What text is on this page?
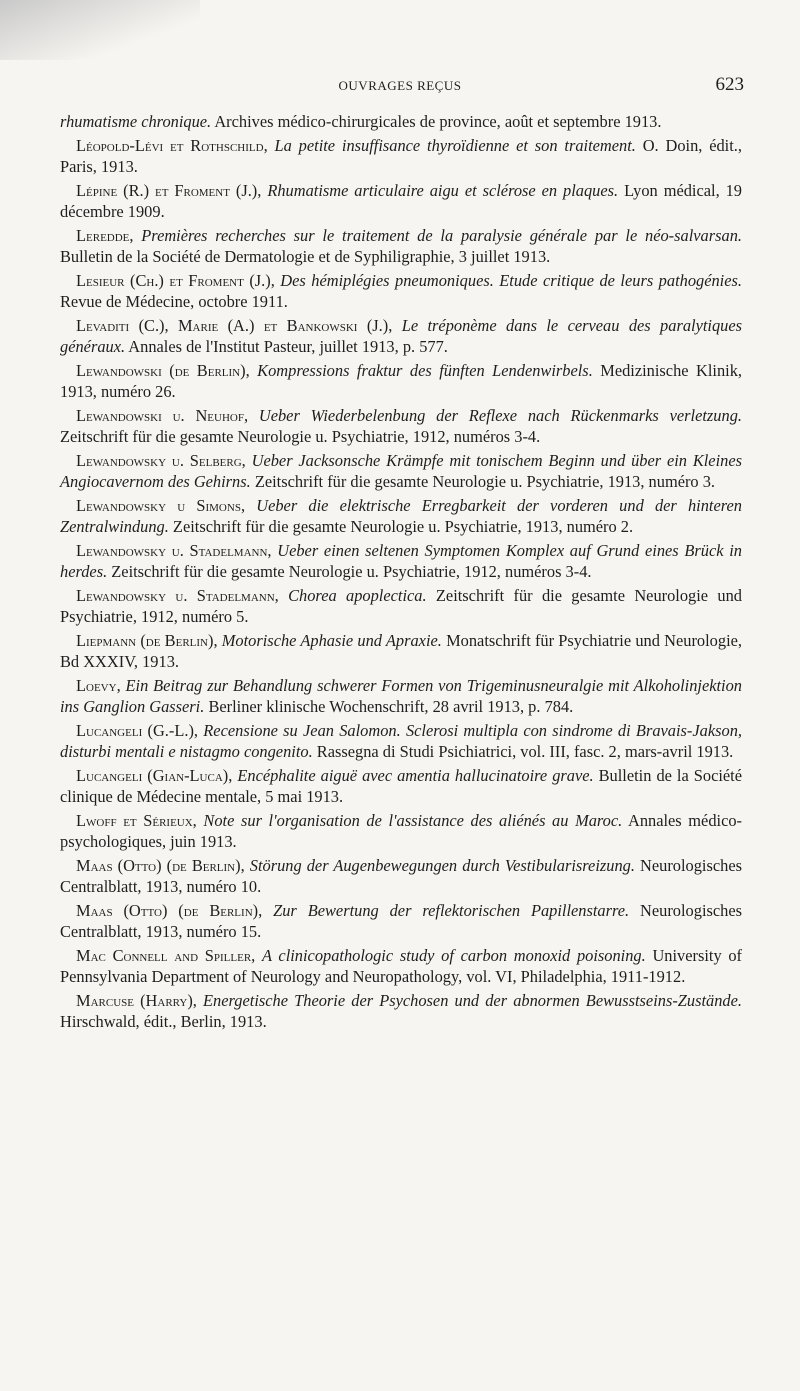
OUVRAGES REÇUS	623

rhumatisme chronique. Archives médico-chirurgicales de province, août et septembre 1913.

Léopold-Lévi et Rothschild, La petite insuffisance thyroïdienne et son traitement. O. Doin, édit., Paris, 1913.

Lépine (R.) et Froment (J.), Rhumatisme articulaire aigu et sclérose en plaques. Lyon médical, 19 décembre 1909.

Leredde, Premières recherches sur le traitement de la paralysie générale par le néo-salvarsan. Bulletin de la Société de Dermatologie et de Syphiligraphie, 3 juillet 1913.

Lesieur (Ch.) et Froment (J.), Des hémiplégies pneumoniques. Etude critique de leurs pathogénies. Revue de Médecine, octobre 1911.

Levaditi (C.), Marie (A.) et Bankowski (J.), Le tréponème dans le cerveau des paralytiques généraux. Annales de l'Institut Pasteur, juillet 1913, p. 577.

Lewandowski (de Berlin), Kompressions fraktur des fünften Lendenwirbels. Medizinische Klinik, 1913, numéro 26.

Lewandowski u. Neuhof, Ueber Wiederbelenbung der Reflexe nach Rückenmarks verletzung. Zeitschrift für die gesamte Neurologie u. Psychiatrie, 1912, numéros 3-4.

Lewandowsky u. Selberg, Ueber Jacksonsche Krämpfe mit tonischem Beginn und über ein Kleines Angiocavernom des Gehirns. Zeitschrift für die gesamte Neurologie u. Psychiatrie, 1913, numéro 3.

Lewandowsky u Simons, Ueber die elektrische Erregbarkeit der vorderen und der hinteren Zentralwindung. Zeitschrift für die gesamte Neurologie u. Psychiatrie, 1913, numéro 2.

Lewandowsky u. Stadelmann, Ueber einen seltenen Symptomen Komplex auf Grund eines Brück in herdes. Zeitschrift für die gesamte Neurologie u. Psychiatrie, 1912, numéros 3-4.

Lewandowsky u. Stadelmann, Chorea apoplectica. Zeitschrift für die gesamte Neurologie und Psychiatrie, 1912, numéro 5.

Liepmann (de Berlin), Motorische Aphasie und Apraxie. Monatschrift für Psychiatrie und Neurologie, Bd XXXIV, 1913.

Loevy, Ein Beitrag zur Behandlung schwerer Formen von Trigeminusneuralgie mit Alkoholinjektion ins Ganglion Gasseri. Berliner klinische Wochenschrift, 28 avril 1913, p. 784.

Lucangeli (G.-L.), Recensione su Jean Salomon. Sclerosi multipla con sindrome di Bravais-Jakson, disturbi mentali e nistagmo congenito. Rassegna di Studi Psichiatrici, vol. III, fasc. 2, mars-avril 1913.

Lucangeli (Gian-Luca), Encéphalite aiguë avec amentia hallucinatoire grave. Bulletin de la Société clinique de Médecine mentale, 5 mai 1913.

Lwoff et Sérieux, Note sur l'organisation de l'assistance des aliénés au Maroc. Annales médico-psychologiques, juin 1913.

Maas (Otto) (de Berlin), Störung der Augenbewegungen durch Vestibularisreizung. Neurologisches Centralblatt, 1913, numéro 10.

Maas (Otto) (de Berlin), Zur Bewertung der reflektorischen Papillenstarre. Neurologisches Centralblatt, 1913, numéro 15.

Mac Connell and Spiller, A clinicopathologic study of carbon monoxid poisoning. University of Pennsylvania Department of Neurology and Neuropathology, vol. VI, Philadelphia, 1911-1912.

Marcuse (Harry), Energetische Theorie der Psychosen und der abnormen Bewusstseins-Zustände. Hirschwald, édit., Berlin, 1913.
